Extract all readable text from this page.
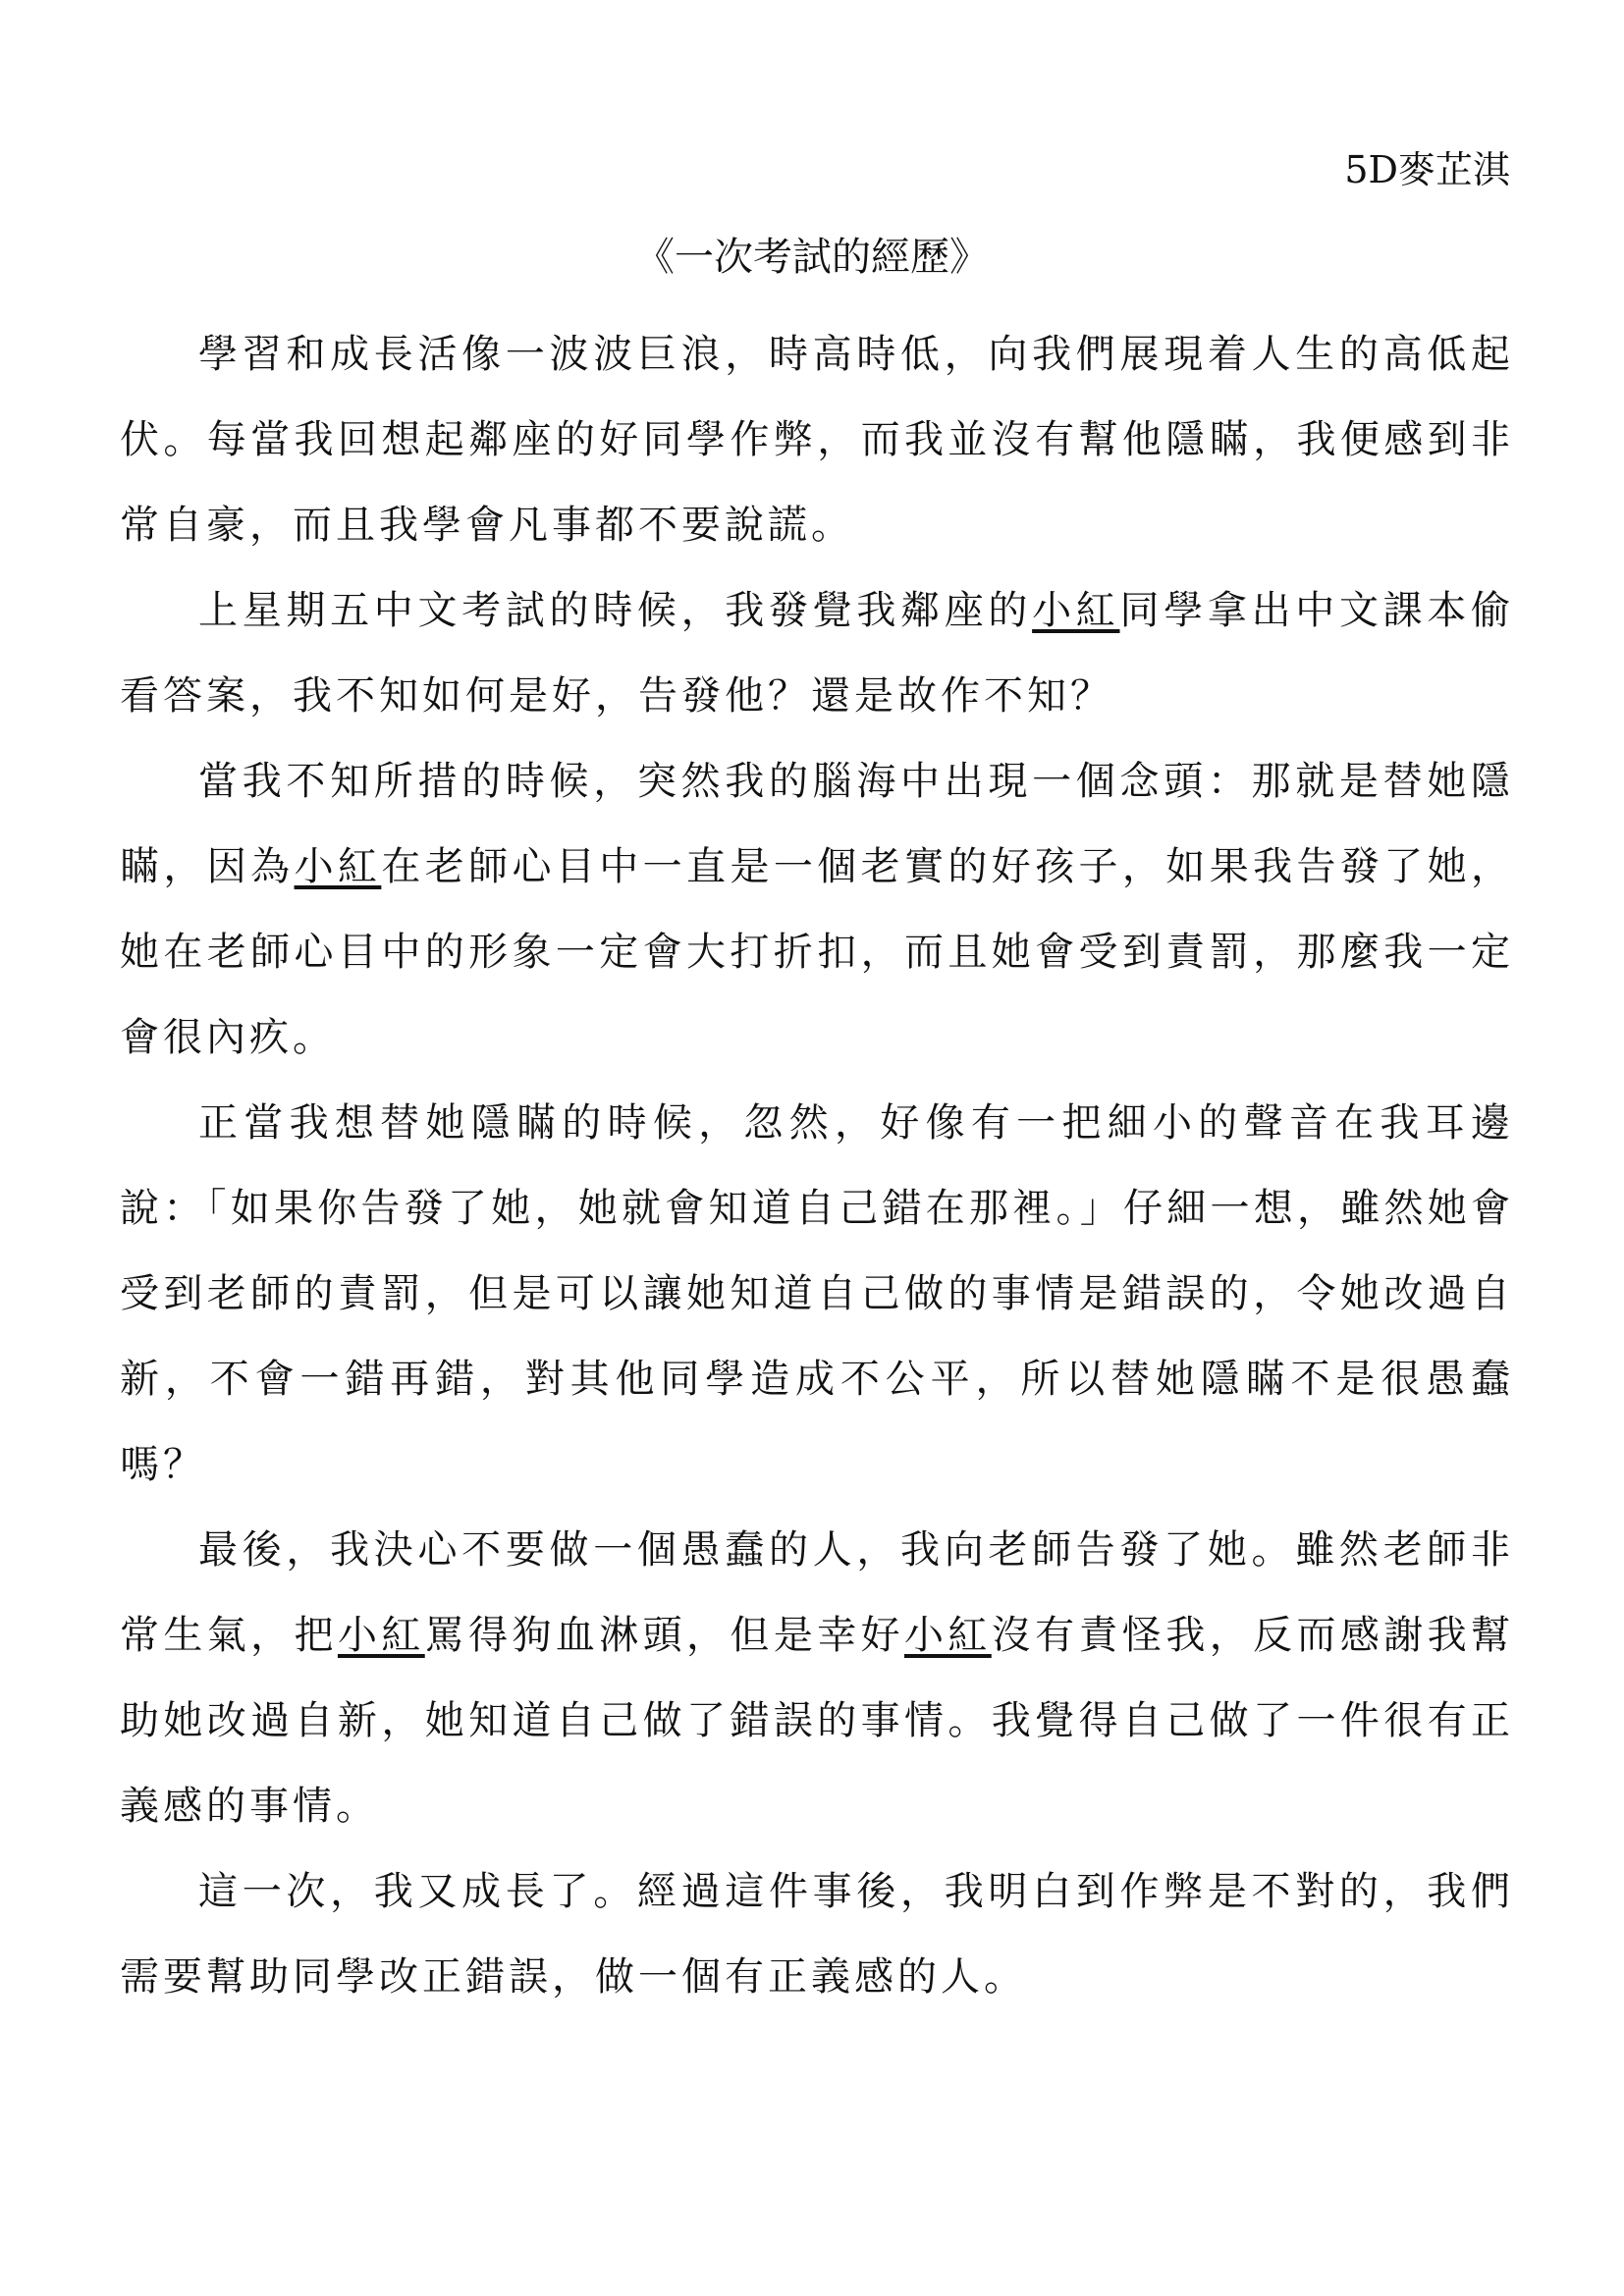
5D麥芷淇
《一次考試的經歷》

學習和成長活像一波波巨浪，時高時低，向我們展現着人生的高低起伏。每當我回想起鄰座的好同學作弊，而我並沒有幫他隱瞞，我便感到非常自豪，而且我學會凡事都不要說謊。

上星期五中文考試的時候，我發覺我鄰座的小紅同學拿出中文課本偷看答案，我不知如何是好，告發他？還是故作不知？

當我不知所措的時候，突然我的腦海中出現一個念頭：那就是替她隱瞞，因為小紅在老師心目中一直是一個老實的好孩子，如果我告發了她，她在老師心目中的形象一定會大打折扣，而且她會受到責罰，那麼我一定會很內疚。

正當我想替她隱瞞的時候，忽然，好像有一把細小的聲音在我耳邊說：「如果你告發了她，她就會知道自己錯在那裡。」仔細一想，雖然她會受到老師的責罰，但是可以讓她知道自己做的事情是錯誤的，令她改過自新，不會一錯再錯，對其他同學造成不公平，所以替她隱瞞不是很愚蠢嗎？

最後，我決心不要做一個愚蠢的人，我向老師告發了她。雖然老師非常生氣，把小紅罵得狗血淋頭，但是幸好小紅沒有責怪我，反而感謝我幫助她改過自新，她知道自己做了錯誤的事情。我覺得自己做了一件很有正義感的事情。

這一次，我又成長了。經過這件事後，我明白到作弊是不對的，我們需要幫助同學改正錯誤，做一個有正義感的人。
